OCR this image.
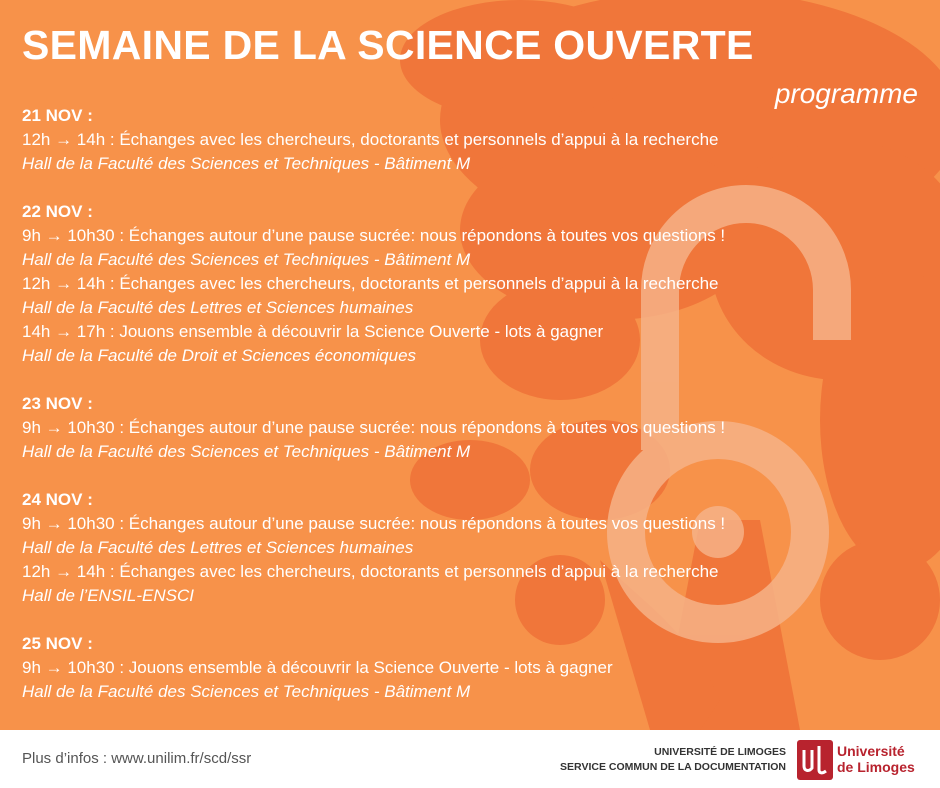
SEMAINE DE LA SCIENCE OUVERTE
programme
21 NOV :
12h → 14h : Échanges avec les chercheurs, doctorants et personnels d’appui à la recherche
Hall de la Faculté des Sciences et Techniques - Bâtiment M
22 NOV :
9h → 10h30 : Échanges autour d’une pause sucrée: nous répondons à toutes vos questions !
Hall de la Faculté des Sciences et Techniques - Bâtiment M
12h → 14h : Échanges avec les chercheurs, doctorants et personnels d’appui à la recherche
Hall de la Faculté des Lettres et Sciences humaines
14h → 17h : Jouons ensemble à découvrir la Science Ouverte - lots à gagner
Hall de la Faculté de Droit et Sciences économiques
23 NOV :
9h → 10h30 : Échanges autour d’une pause sucrée: nous répondons à toutes vos questions !
Hall de la Faculté des Sciences et Techniques - Bâtiment M
24 NOV :
9h → 10h30 : Échanges autour d’une pause sucrée: nous répondons à toutes vos questions !
Hall de la Faculté des Lettres et Sciences humaines
12h → 14h : Échanges avec les chercheurs, doctorants et personnels d’appui à la recherche
Hall de l’ENSIL-ENSCI
25 NOV :
9h → 10h30 : Jouons ensemble à découvrir la Science Ouverte - lots à gagner
Hall de la Faculté des Sciences et Techniques - Bâtiment M
Plus d’infos : www.unilim.fr/scd/ssr	UNIVERSITÉ DE LIMOGES
SERVICE COMMUN DE LA DOCUMENTATION
Université
de Limoges
